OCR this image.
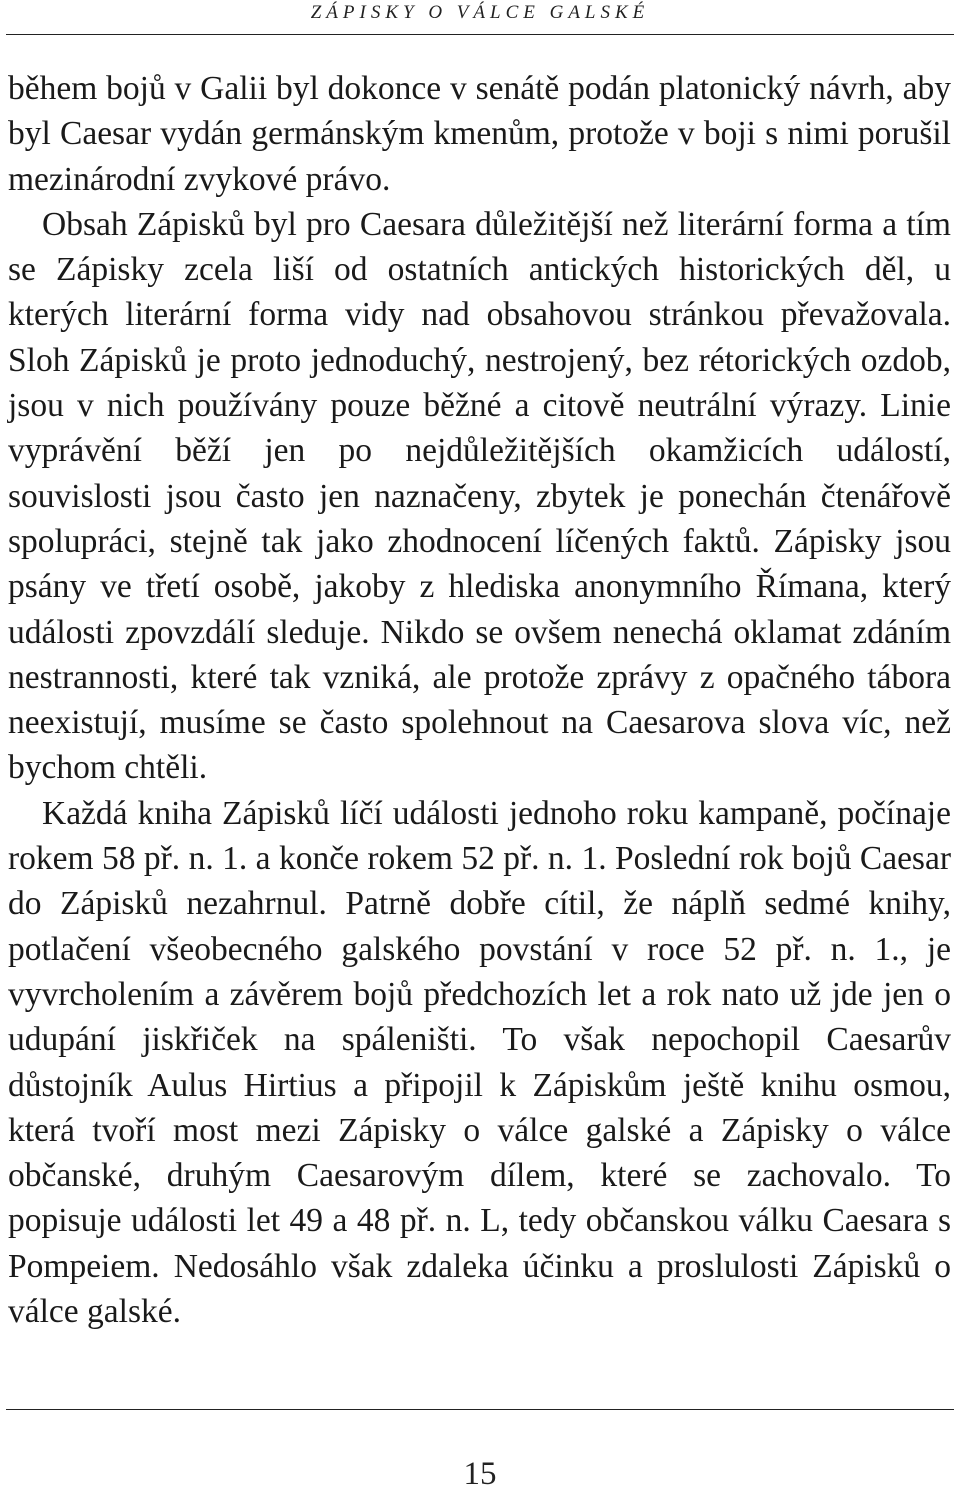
ZÁPISKY O VÁLCE GALSKÉ

během bojů v Galii byl dokonce v senátě podán platonický návrh, aby byl Caesar vydán germánským kmenům, protože v boji s nimi porušil mezinárodní zvykové právo.

Obsah Zápisků byl pro Caesara důležitější než literární forma a tím se Zápisky zcela liší od ostatních antických historických děl, u kterých literární forma vidy nad obsahovou stránkou převažovala. Sloh Zápisků je proto jednoduchý, nestrojený, bez rétorických ozdob, jsou v nich používány pouze běžné a citově neutrální výrazy. Linie vyprávění běží jen po nejdůležitějších okamžicích událostí, souvislosti jsou často jen naznačeny, zbytek je ponechán čtenářově spolupráci, stejně tak jako zhodnocení líčených faktů. Zápisky jsou psány ve třetí osobě, jakoby z hlediska anonymního Římana, který události zpovzdálí sleduje. Nikdo se ovšem nenechá oklamat zdáním nestrannosti, které tak vzniká, ale protože zprávy z opačného tábora neexistují, musíme se často spolehnout na Caesarova slova víc, než bychom chtěli.

Každá kniha Zápisků líčí události jednoho roku kampaně, počínaje rokem 58 př. n. 1. a konče rokem 52 př. n. 1. Poslední rok bojů Caesar do Zápisků nezahrnul. Patrně dobře cítil, že náplň sedmé knihy, potlačení všeobecného galského povstání v roce 52 př. n. 1., je vyvrcholením a závěrem bojů předchozích let a rok nato už jde jen o udupání jiskřiček na spáleništi. To však nepochopil Caesarův důstojník Aulus Hirtius a připojil k Zápiskům ještě knihu osmou, která tvoří most mezi Zápisky o válce galské a Zápisky o válce občanské, druhým Caesarovým dílem, které se zachovalo. To popisuje události let 49 a 48 př. n. L, tedy občanskou válku Caesara s Pompeiem. Nedosáhlo však zdaleka účinku a proslulosti Zápisků o válce galské.

15
